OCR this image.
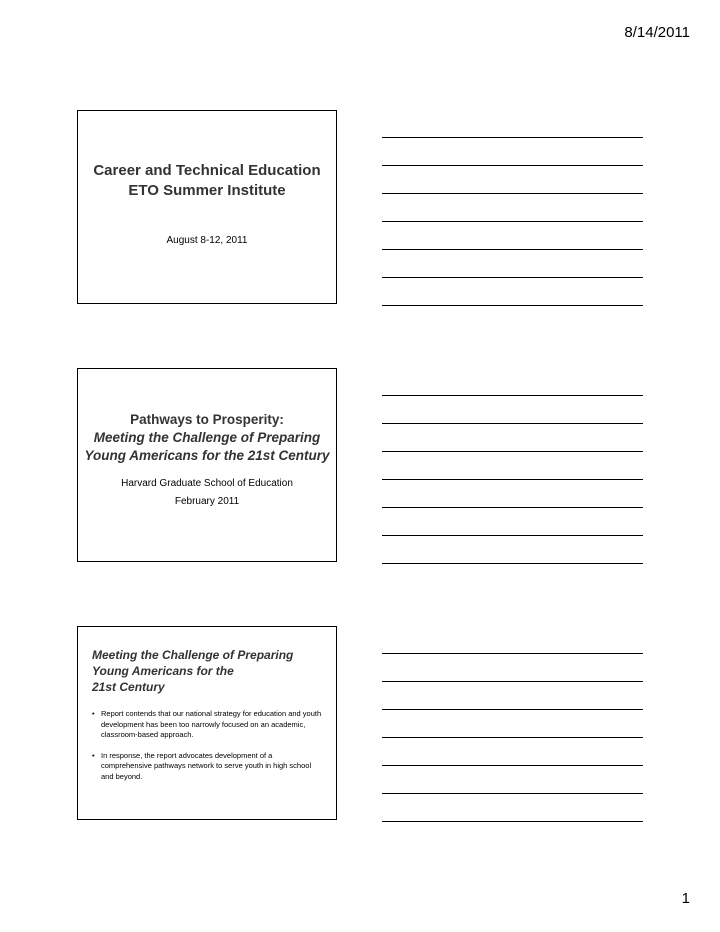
8/14/2011
Career and Technical Education
ETO Summer Institute
August 8-12, 2011
Pathways to Prosperity:
Meeting the Challenge of Preparing
Young Americans for the 21st Century
Harvard Graduate School of Education
February 2011
Meeting the Challenge of Preparing
Young Americans for the
21st Century
• Report contends that our national strategy for education and youth development has been too narrowly focused on an academic, classroom-based approach.
• In response, the report advocates development of a comprehensive pathways network to serve youth in high school and beyond.
1
